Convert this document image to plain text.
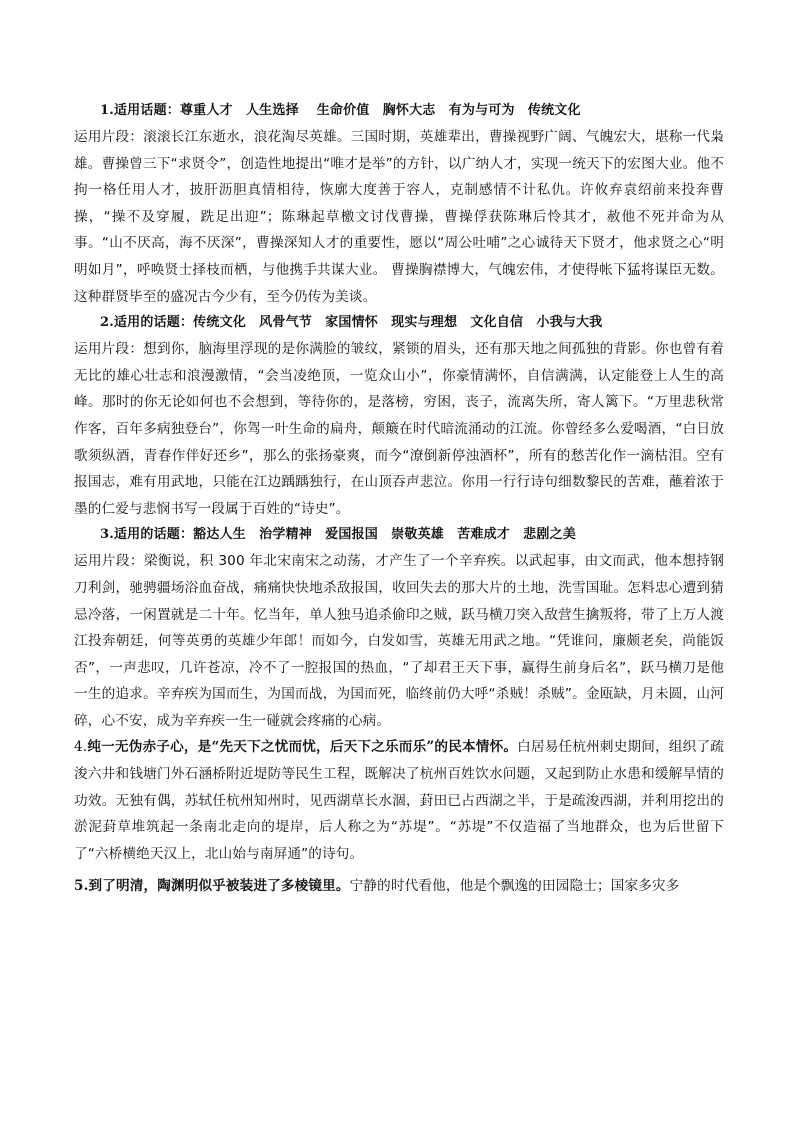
1.适用话题：尊重人才　人生选择　 生命价值　胸怀大志　有为与可为　传统文化
运用片段：滚滚长江东逝水，浪花淘尽英雄。三国时期，英雄辈出，曹操视野广阔、气魄宏大，堪称一代枭雄。曹操曾三下“求贤令”，创造性地提出“唯才是举”的方针，以广纳人才，实现一统天下的宏图大业。他不拘一格任用人才，披肝沥胆真情相待，恢廓大度善于容人，克制感情不计私仇。许攸弃袁绍前来投奔曹操，“操不及穿履，跣足出迎”；陈琳起草檄文讨伐曹操，曹操俘获陈琳后怜其才，赦他不死并命为从事。“山不厌高，海不厌深”，曹操深知人才的重要性，愿以“周公吐哺”之心诚待天下贤才，他求贤之心“明明如月”，呼唤贤士择枝而栖，与他携手共谋大业。 曹操胸襟博大，气魄宏伟，才使得帐下猛将谋臣无数。这种群贤毕至的盛况古今少有，至今仍传为美谈。
2.适用的话题：传统文化　风骨气节　家国情怀　现实与理想　文化自信　小我与大我
运用片段：想到你，脑海里浮现的是你满脸的皱纹，紧锁的眉头，还有那天地之间孤独的背影。你也曾有着无比的雄心壮志和浪漫激情，“会当凌绝顶，一览众山小”，你豪情满怀，自信满满，认定能登上人生的高峰。那时的你无论如何也不会想到，等待你的，是落榜，穷困，丧子，流离失所，寄人篱下。“万里悲秋常作客，百年多病独登台”，你驾一叶生命的扁舟，颠簸在时代暗流涌动的江流。你曾经多么爱喝酒，“白日放歌须纵酒，青春作伴好还乡”，那么的张扬豪爽，而今“潦倒新停浊酒杯”，所有的愁苦化作一滴枯泪。空有报国志，难有用武地，只能在江边踽踽独行，在山顶吞声悲泣。你用一行行诗句细数黎民的苦难，蘸着浓于墨的仁爱与悲悯书写一段属于百姓的“诗史”。
3.适用的话题：豁达人生　治学精神　爱国报国　崇敬英雄　苦难成才　悲剧之美
运用片段：梁衡说，积 300 年北宋南宋之动荡，才产生了一个辛弃疾。以武起事，由文而武，他本想持钢刀利剑，驰骋疆场浴血奋战，痛痛快快地杀敌报国，收回失去的那大片的土地，洗雪国耻。怎料忠心遭到猜忌冷落，一闲置就是二十年。忆当年，单人独马追杀偷印之贼，跃马横刀突入敌营生擒叛将，带了上万人渡江投奔朝廷，何等英勇的英雄少年郎！而如今，白发如雪，英雄无用武之地。“凭谁问，廉颇老矣，尚能饭否”，一声悲叹，几许苍凉，冷不了一腔报国的热血，“了却君王天下事，赢得生前身后名”，跃马横刀是他一生的追求。辛弃疾为国而生，为国而战，为国而死，临终前仍大呼“杀贼！杀贼”。金瓯缺，月未圆，山河碎，心不安，成为辛弃疾一生一碰就会疼痛的心病。
4.纯一无伪赤子心，是“先天下之忧而忧，后天下之乐而乐”的民本情怀。白居易任杭州刺史期间，组织了疏浚六井和钱塘门外石涵桥附近堤防等民生工程，既解决了杭州百姓饮水问题，又起到防止水患和缓解旱情的功效。无独有偶，苏轼任杭州知州时，见西湖草长水涸，葑田已占西湖之半，于是疏浚西湖，并利用挖出的淤泥葑草堆筑起一条南北走向的堤岸，后人称之为“苏堤”。“苏堤”不仅造福了当地群众，也为后世留下了“六桥横绝天汉上，北山始与南屏通”的诗句。
5.到了明清，陶渊明似乎被装进了多棱镜里。宁静的时代看他，他是个飘逸的田园隐士；国家多灾多
